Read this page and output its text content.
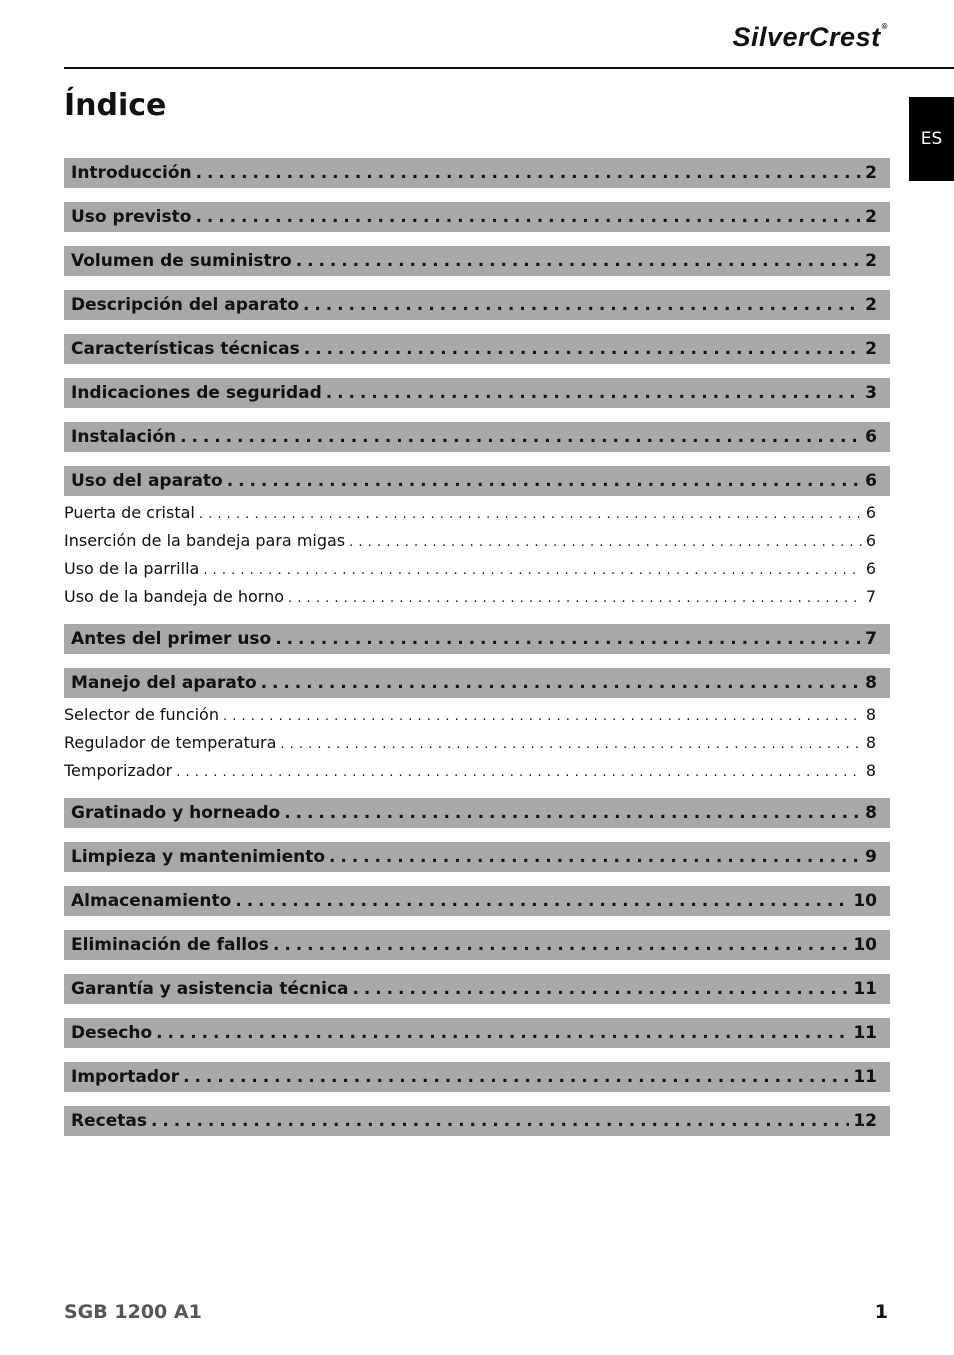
SilverCrest®
ES
Índice
Introducción . . .	2
Uso previsto . . .	2
Volumen de suministro . . .	2
Descripción del aparato . . .	2
Características técnicas . . .	2
Indicaciones de seguridad . . .	3
Instalación . . .	6
Uso del aparato . . .	6
Puerta de cristal . . .	6
Inserción de la bandeja para migas . . .	6
Uso de la parrilla . . .	6
Uso de la bandeja de horno . . .	7
Antes del primer uso . . .	7
Manejo del aparato . . .	8
Selector de función . . .	8
Regulador de temperatura . . .	8
Temporizador . . .	8
Gratinado y horneado . . .	8
Limpieza y mantenimiento . . .	9
Almacenamiento . . .	10
Eliminación de fallos . . .	10
Garantía y asistencia técnica . . .	11
Desecho . . .	11
Importador . . .	11
Recetas . . .	12
SGB 1200 A1	1
